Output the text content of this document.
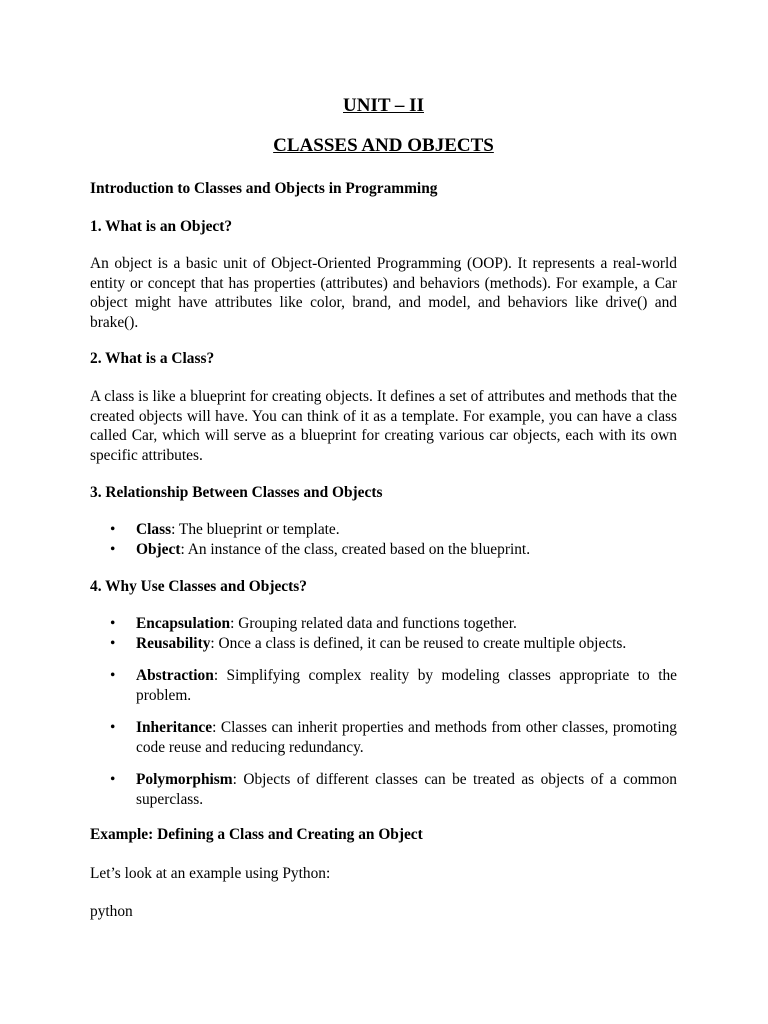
UNIT – II
CLASSES AND OBJECTS
Introduction to Classes and Objects in Programming
1. What is an Object?
An object is a basic unit of Object-Oriented Programming (OOP). It represents a real-world entity or concept that has properties (attributes) and behaviors (methods). For example, a Car object might have attributes like color, brand, and model, and behaviors like drive() and brake().
2. What is a Class?
A class is like a blueprint for creating objects. It defines a set of attributes and methods that the created objects will have. You can think of it as a template. For example, you can have a class called Car, which will serve as a blueprint for creating various car objects, each with its own specific attributes.
3. Relationship Between Classes and Objects
• Class: The blueprint or template.
• Object: An instance of the class, created based on the blueprint.
4. Why Use Classes and Objects?
• Encapsulation: Grouping related data and functions together.
• Reusability: Once a class is defined, it can be reused to create multiple objects.
• Abstraction: Simplifying complex reality by modeling classes appropriate to the problem.
• Inheritance: Classes can inherit properties and methods from other classes, promoting code reuse and reducing redundancy.
• Polymorphism: Objects of different classes can be treated as objects of a common superclass.
Example: Defining a Class and Creating an Object
Let’s look at an example using Python:
python
